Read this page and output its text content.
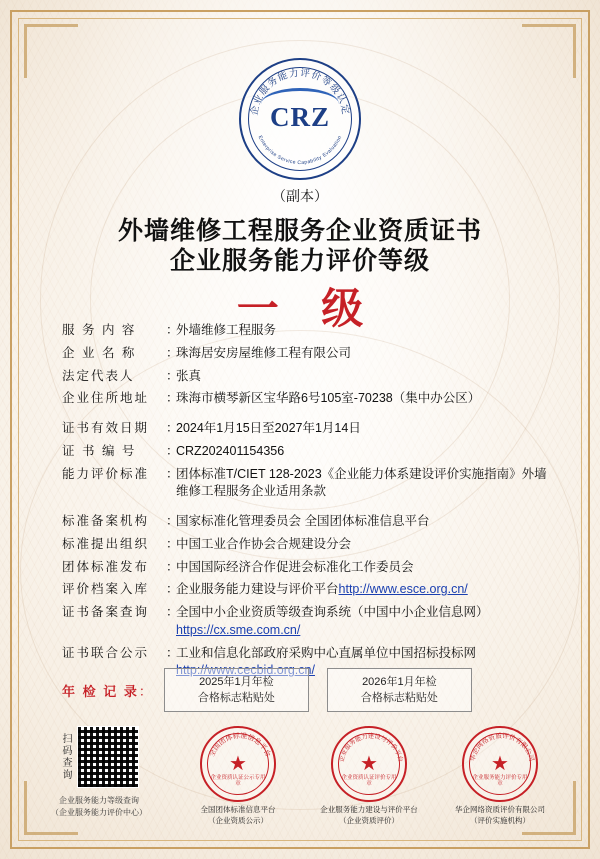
企业服务能力评价等级认定
Enterprise Service Capability Evaluation
CRZ
（副本）
外墙维修工程服务企业资质证书
企业服务能力评价等级
一 级
服 务 内 容	：
外墙维修工程服务
企 业 名 称	：
珠海居安房屋维修工程有限公司
法定代表人	：
张真
企业住所地址	：
珠海市横琴新区宝华路6号105室-70238（集中办公区）
证书有效日期	：
2024年1月15日至2027年1月14日
证 书 编 号	：
CRZ202401154356
能力评价标准	：
团体标准T/CIET 128-2023《企业能力体系建设评价实施指南》外墙
维修工程服务企业适用条款
标准备案机构	：
国家标准化管理委员会 全国团体标准信息平台
标准提出组织	：
中国工业合作协会合规建设分会
团体标准发布	：
中国国际经济合作促进会标准化工作委员会
评价档案入库	：
企业服务能力建设与评价平台http://www.esce.org.cn/
证书备案查询	：
全国中小企业资质等级查询系统（中国中小企业信息网）
https://cx.sme.com.cn/
证书联合公示	：
工业和信息化部政府采购中心直属单位中国招标投标网
http://www.cecbid.org.cn/
年 检 记 录 ：
2025年1月年检
合格标志粘贴处
2026年1月年检
合格标志粘贴处
扫码查询
企业服务能力等级查询
（企业服务能力评价中心）
全国团体标准信息平台
★
企业资质认证公示专用章
全国团体标准信息平台
（企业资质公示）
企业服务能力建设与评价平台
★
企业资质认证评价专用章
企业服务能力建设与评价平台
（企业资质评价）
华企网络资质评价有限公司
★
企业服务能力评价专用章
华企网络资质评价有限公司
（评价实施机构）
